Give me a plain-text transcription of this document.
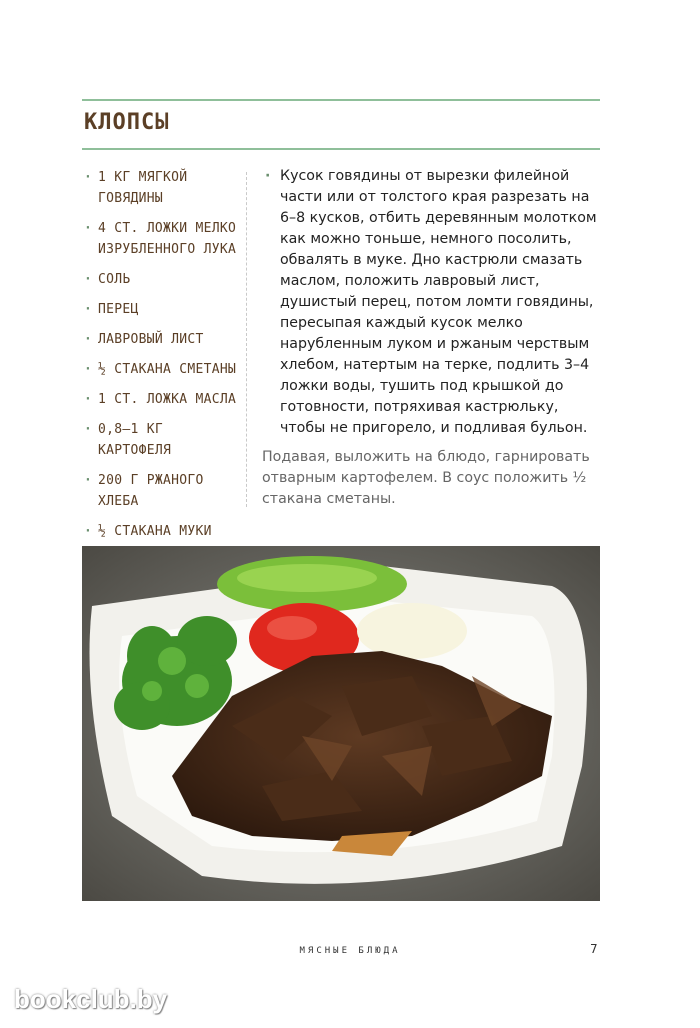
КЛОПСЫ
· 1 КГ МЯГКОЙ ГОВЯДИНЫ
· 4 СТ. ЛОЖКИ МЕЛКО ИЗРУБЛЕННОГО ЛУКА
· СОЛЬ
· ПЕРЕЦ
· ЛАВРОВЫЙ ЛИСТ
· ½ СТАКАНА СМЕТАНЫ
· 1 СТ. ЛОЖКА МАСЛА
· 0,8–1 КГ КАРТОФЕЛЯ
· 200 Г РЖАНОГО ХЛЕБА
· ½ СТАКАНА МУКИ

· Кусок говядины от вырезки филейной части или от толстого края разрезать на 6–8 кусков, отбить деревянным молотком как можно тоньше, немного посолить, обвалять в муке. Дно кастрюли смазать маслом, положить лавровый лист, душистый перец, потом ломти говядины, пересыпая каждый кусок мелко нарубленным луком и ржаным черствым хлебом, натертым на терке, подлить 3–4 ложки воды, тушить под крышкой до готовности, потряхивая кастрюльку, чтобы не пригорело, и подливая бульон.

Подавая, выложить на блюдо, гарнировать отварным картофелем. В соус положить ½ стакана сметаны.

МЯСНЫЕ БЛЮДА	7
bookclub.by
